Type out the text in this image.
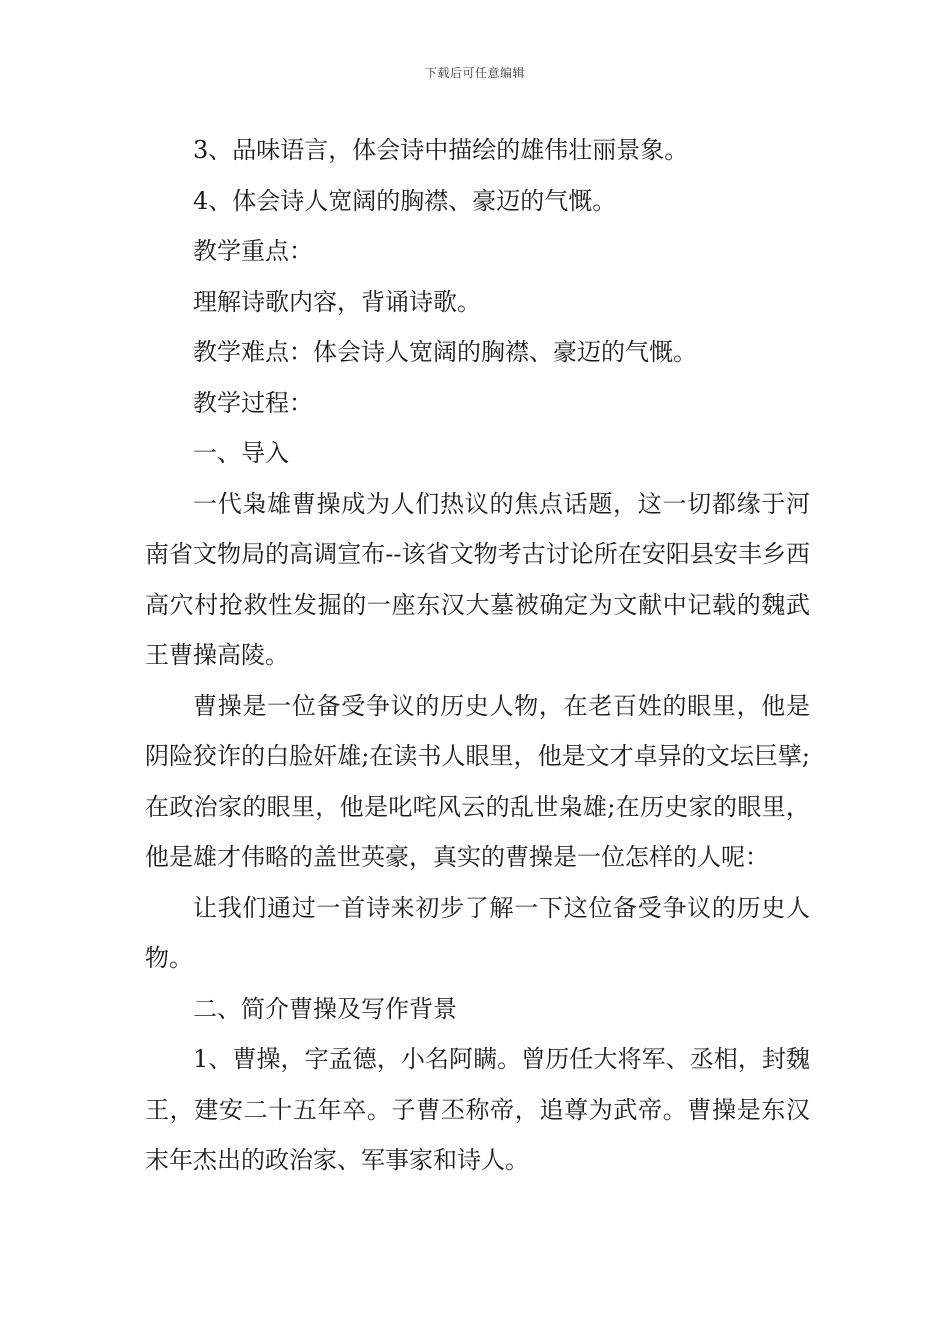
下载后可任意编辑

3、品味语言，体会诗中描绘的雄伟壮丽景象。

4、体会诗人宽阔的胸襟、豪迈的气慨。

教学重点：

理解诗歌内容，背诵诗歌。

教学难点：体会诗人宽阔的胸襟、豪迈的气慨。

教学过程：

一、导入

一代枭雄曹操成为人们热议的焦点话题，这一切都缘于河南省文物局的高调宣布--该省文物考古讨论所在安阳县安丰乡西高穴村抢救性发掘的一座东汉大墓被确定为文献中记载的魏武王曹操高陵。

曹操是一位备受争议的历史人物，在老百姓的眼里，他是阴险狡诈的白脸奸雄;在读书人眼里，他是文才卓异的文坛巨擘;在政治家的眼里，他是叱咤风云的乱世枭雄;在历史家的眼里，他是雄才伟略的盖世英豪，真实的曹操是一位怎样的人呢：

让我们通过一首诗来初步了解一下这位备受争议的历史人物。

二、简介曹操及写作背景

1、曹操，字孟德，小名阿瞒。曾历任大将军、丞相，封魏王，建安二十五年卒。子曹丕称帝，追尊为武帝。曹操是东汉末年杰出的政治家、军事家和诗人。
